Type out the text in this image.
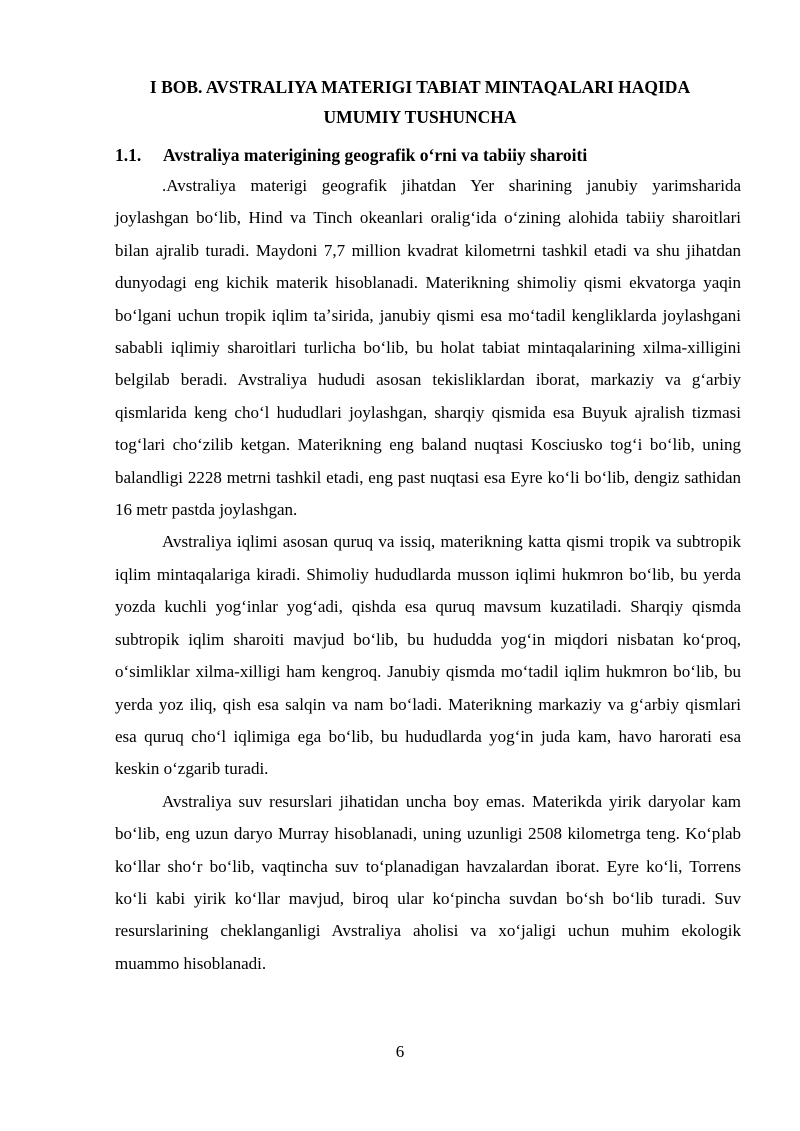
I BOB. AVSTRALIYA MATERIGI TABIAT MINTAQALARI HAQIDA
UMUMIY TUSHUNCHA
1.1. Avstraliya materigining geografik oʻrni va tabiiy sharoiti

.Avstraliya materigi geografik jihatdan Yer sharining janubiy yarimsharida joylashgan boʻlib, Hind va Tinch okeanlari oraligʻida oʻzining alohida tabiiy sharoitlari bilan ajralib turadi. Maydoni 7,7 million kvadrat kilometrni tashkil etadi va shu jihatdan dunyodagi eng kichik materik hisoblanadi. Materikning shimoliy qismi ekvatorga yaqin boʻlgani uchun tropik iqlim taʼsirida, janubiy qismi esa moʻtadil kengliklarda joylashgani sababli iqlimiy sharoitlari turlicha boʻlib, bu holat tabiat mintaqalarining xilma-xilligini belgilab beradi. Avstraliya hududi asosan tekisliklardan iborat, markaziy va gʻarbiy qismlarida keng choʻl hududlari joylashgan, sharqiy qismida esa Buyuk ajralish tizmasi togʻlari choʻzilib ketgan. Materikning eng baland nuqtasi Kosciusko togʻi boʻlib, uning balandligi 2228 metrni tashkil etadi, eng past nuqtasi esa Eyre koʻli boʻlib, dengiz sathidan 16 metr pastda joylashgan.

Avstraliya iqlimi asosan quruq va issiq, materikning katta qismi tropik va subtropik iqlim mintaqalariga kiradi. Shimoliy hududlarda musson iqlimi hukmron boʻlib, bu yerda yozda kuchli yogʻinlar yogʻadi, qishda esa quruq mavsum kuzatiladi. Sharqiy qismda subtropik iqlim sharoiti mavjud boʻlib, bu hududda yogʻin miqdori nisbatan koʻproq, oʻsimliklar xilma-xilligi ham kengroq. Janubiy qismda moʻtadil iqlim hukmron boʻlib, bu yerda yoz iliq, qish esa salqin va nam boʻladi. Materikning markaziy va gʻarbiy qismlari esa quruq choʻl iqlimiga ega boʻlib, bu hududlarda yogʻin juda kam, havo harorati esa keskin oʻzgarib turadi.

Avstraliya suv resurslari jihatidan uncha boy emas. Materikda yirik daryolar kam boʻlib, eng uzun daryo Murray hisoblanadi, uning uzunligi 2508 kilometrga teng. Koʻplab koʻllar shoʻr boʻlib, vaqtincha suv toʻplanadigan havzalardan iborat. Eyre koʻli, Torrens koʻli kabi yirik koʻllar mavjud, biroq ular koʻpincha suvdan boʻsh boʻlib turadi. Suv resurslarining cheklanganligi Avstraliya aholisi va xoʻjaligi uchun muhim ekologik muammo hisoblanadi.

6
